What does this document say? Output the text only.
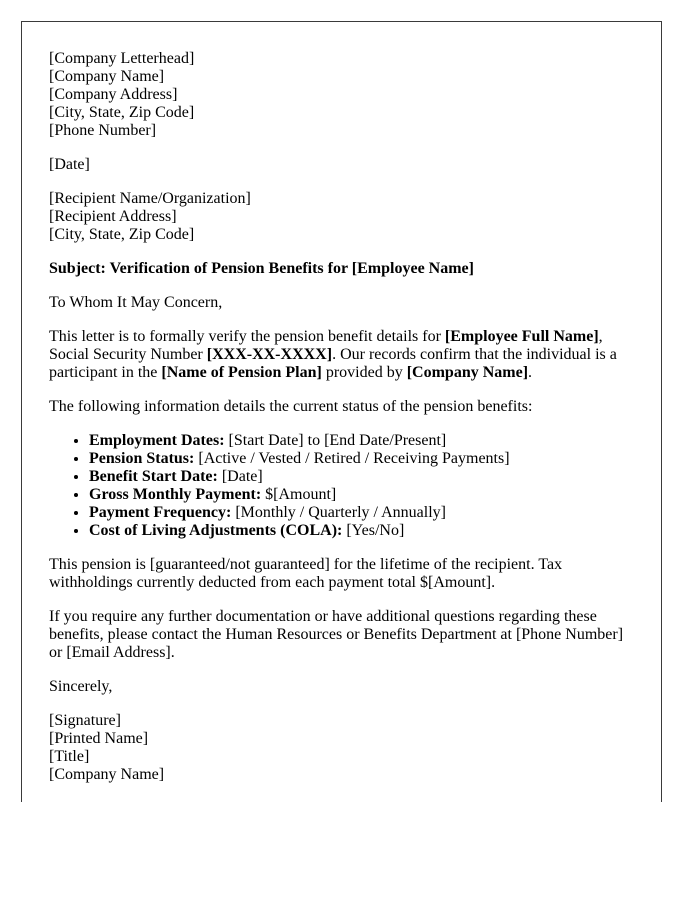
[Company Letterhead]
[Company Name]
[Company Address]
[City, State, Zip Code]
[Phone Number]
[Date]
[Recipient Name/Organization]
[Recipient Address]
[City, State, Zip Code]
Subject: Verification of Pension Benefits for [Employee Name]
To Whom It May Concern,
This letter is to formally verify the pension benefit details for [Employee Full Name], Social Security Number [XXX-XX-XXXX]. Our records confirm that the individual is a participant in the [Name of Pension Plan] provided by [Company Name].
The following information details the current status of the pension benefits:
• Employment Dates: [Start Date] to [End Date/Present]
• Pension Status: [Active / Vested / Retired / Receiving Payments]
• Benefit Start Date: [Date]
• Gross Monthly Payment: $[Amount]
• Payment Frequency: [Monthly / Quarterly / Annually]
• Cost of Living Adjustments (COLA): [Yes/No]
This pension is [guaranteed/not guaranteed] for the lifetime of the recipient. Tax withholdings currently deducted from each payment total $[Amount].
If you require any further documentation or have additional questions regarding these benefits, please contact the Human Resources or Benefits Department at [Phone Number] or [Email Address].
Sincerely,
[Signature]
[Printed Name]
[Title]
[Company Name]
